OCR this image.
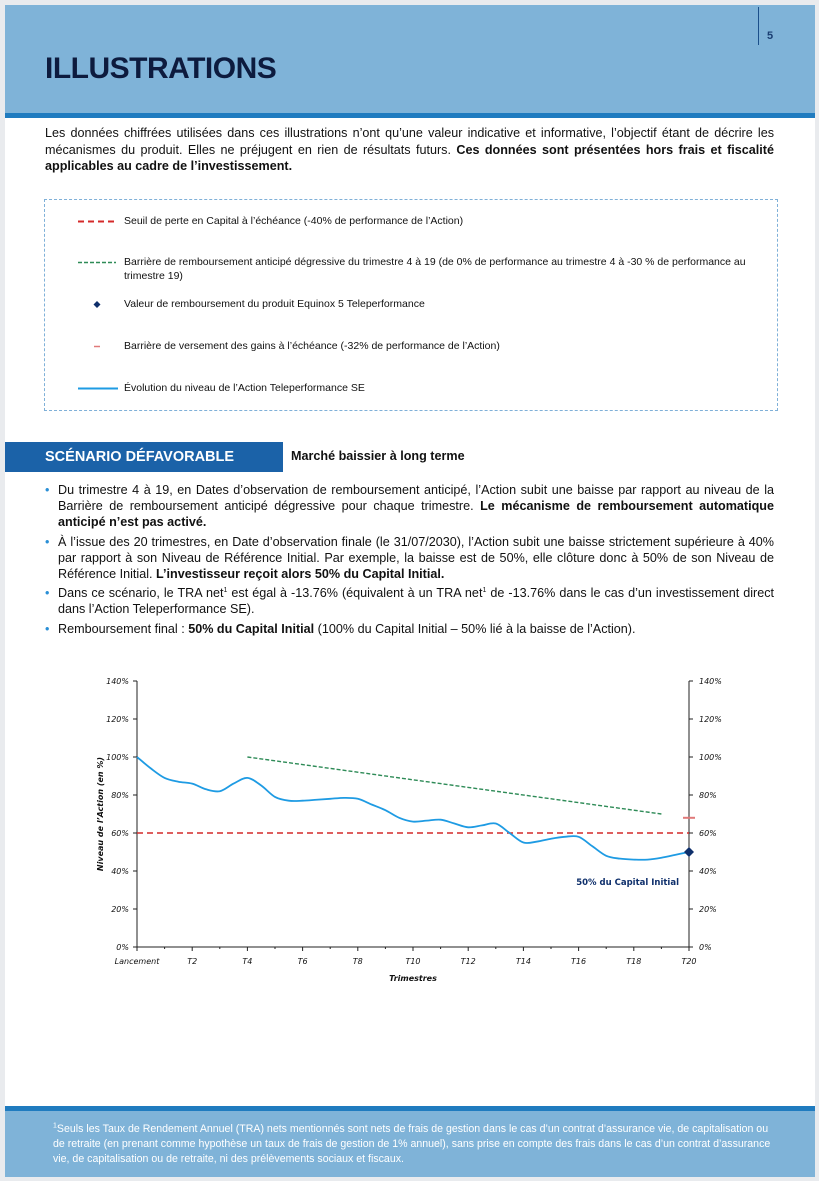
5
ILLUSTRATIONS
Les données chiffrées utilisées dans ces illustrations n’ont qu’une valeur indicative et informative, l’objectif étant de décrire les mécanismes du produit. Elles ne préjugent en rien de résultats futurs. Ces données sont présentées hors frais et fiscalité applicables au cadre de l’investissement.
Seuil de perte en Capital à l’échéance (-40% de performance de l’Action)
Barrière de remboursement anticipé dégressive du trimestre 4 à 19 (de 0% de performance au trimestre 4 à -30 % de performance au trimestre 19)
Valeur de remboursement du produit Equinox 5 Teleperformance
Barrière de versement des gains à l’échéance (-32% de performance de l’Action)
Évolution du niveau de l’Action Teleperformance SE
SCÉNARIO DÉFAVORABLE	Marché baissier à long terme
• Du trimestre 4 à 19, en Dates d’observation de remboursement anticipé, l’Action subit une baisse par rapport au niveau de la Barrière de remboursement anticipé dégressive pour chaque trimestre. Le mécanisme de remboursement automatique anticipé n’est pas activé.
• À l’issue des 20 trimestres, en Date d’observation finale (le 31/07/2030), l’Action subit une baisse strictement supérieure à 40% par rapport à son Niveau de Référence Initial. Par exemple, la baisse est de 50%, elle clôture donc à 50% de son Niveau de Référence Initial. L’investisseur reçoit alors 50% du Capital Initial.
• Dans ce scénario, le TRA net$^1$ est égal à -13.76% (équivalent à un TRA net$^1$ de -13.76% dans le cas d’un investissement direct dans l’Action Teleperformance SE).
• Remboursement final : 50% du Capital Initial (100% du Capital Initial – 50% lié à la baisse de l’Action).
0%	0%
20%	20%
40%	40%
60%	60%
80%	80%
100%	100%
120%	120%
140%	140%
Lancement	T2	T4	T6	T8	T10	T12	T14	T16	T18	T20
Trimestres
Niveau de l’Action (en %)
50% du Capital Initial
$^1$Seuls les Taux de Rendement Annuel (TRA) nets mentionnés sont nets de frais de gestion dans le cas d’un contrat d’assurance vie, de capitalisation ou de retraite (en prenant comme hypothèse un taux de frais de gestion de 1% annuel), sans prise en compte des frais dans le cas d’un contrat d’assurance vie, de capitalisation ou de retraite, ni des prélèvements sociaux et fiscaux.
